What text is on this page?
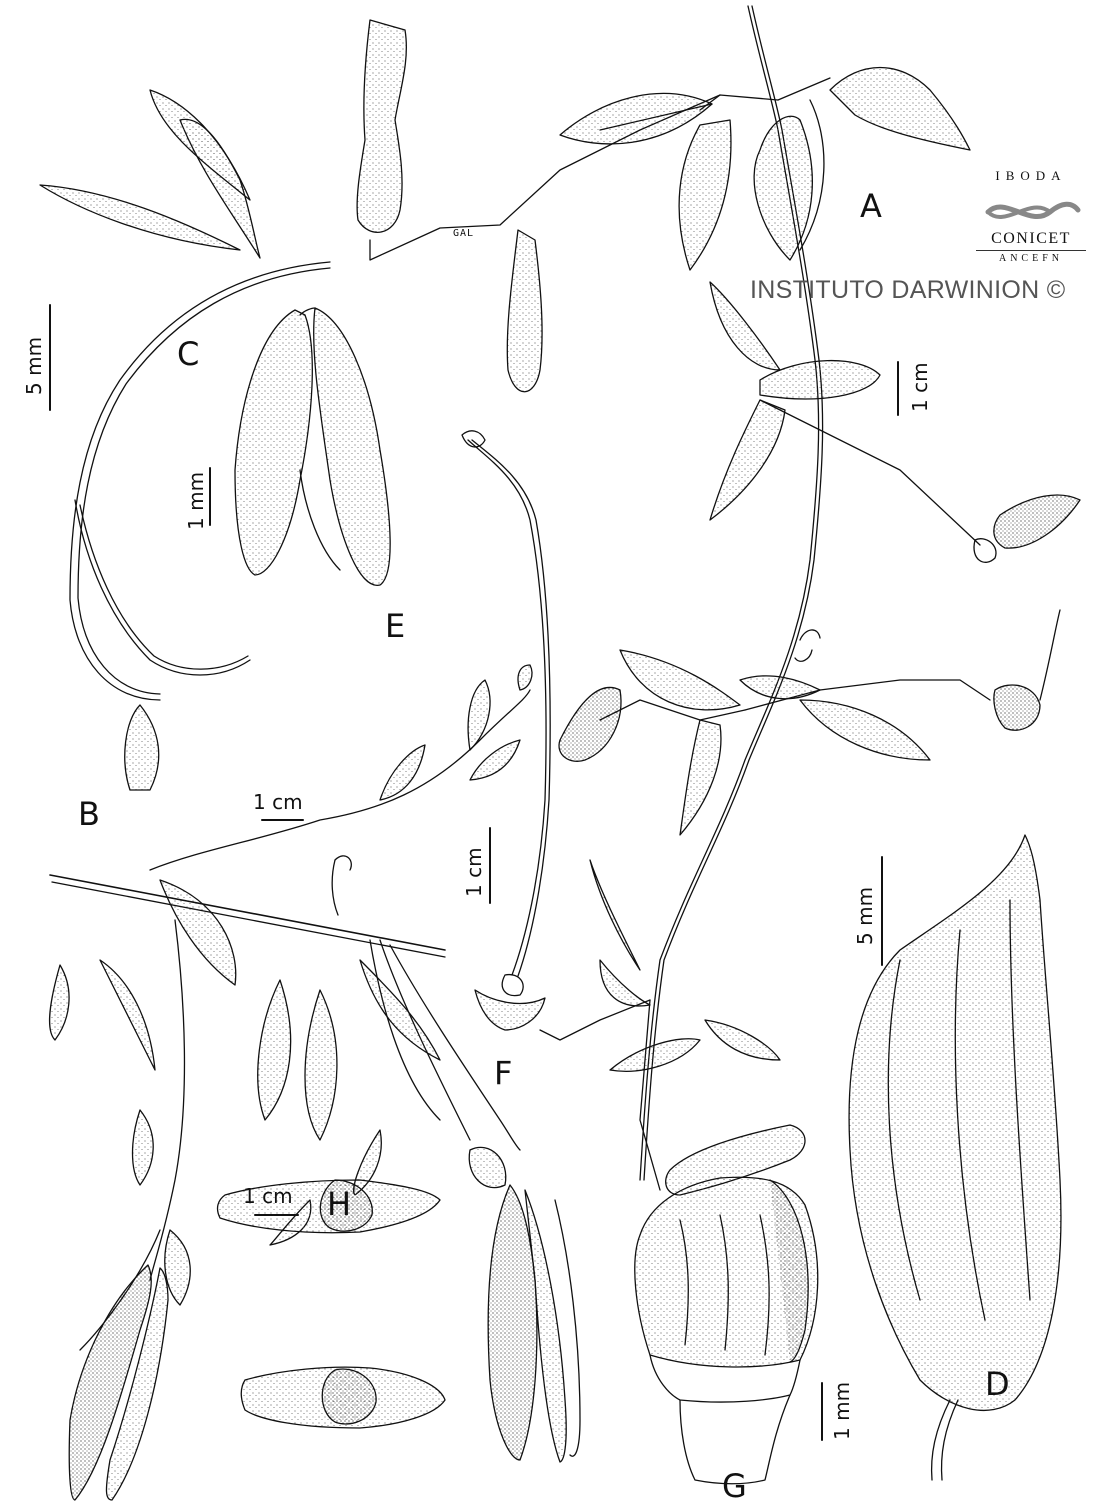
A
B
C
D
E
F
G
H
5 mm
1 mm
1 cm
1 cm
1 cm
5 mm
1 cm
1 mm
GAL
IBODA
CONICET
ANCEFN
INSTITUTO DARWINION ©
